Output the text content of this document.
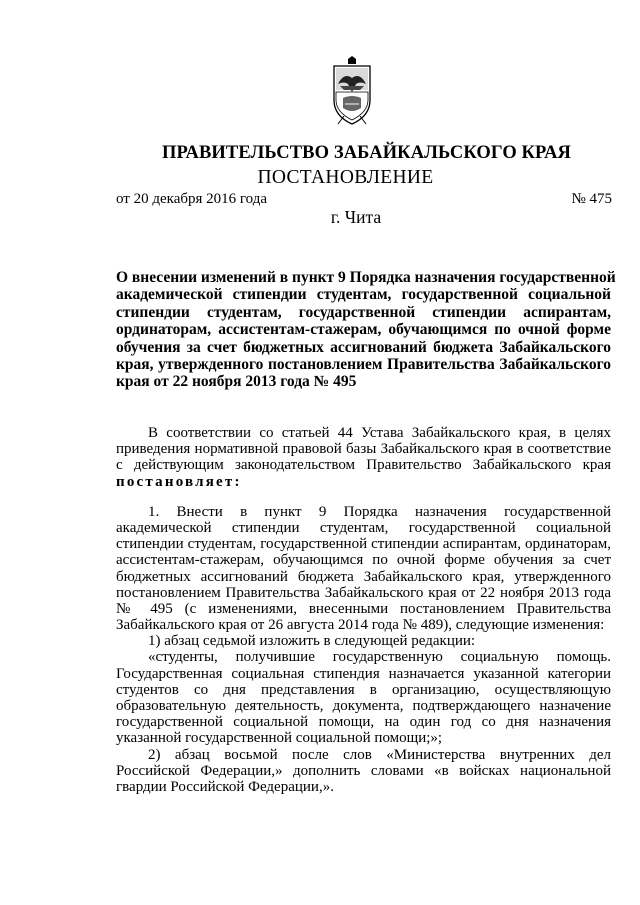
ПРАВИТЕЛЬСТВО ЗАБАЙКАЛЬСКОГО КРАЯ
ПОСТАНОВЛЕНИЕ
от 20 декабря 2016 года	№ 475
г. Чита
О внесении изменений в пункт 9 Порядка назначения государственной
академической стипендии студентам, государственной социальной
стипендии студентам, государственной стипендии аспирантам,
ординаторам, ассистентам-стажерам, обучающимся по очной форме
обучения за счет бюджетных ассигнований бюджета Забайкальского
края, утвержденного постановлением Правительства Забайкальского
края от 22 ноября 2013 года № 495
В соответствии со статьей 44 Устава Забайкальского края, в целях
приведения нормативной правовой базы Забайкальского края в соответствие
с действующим законодательством Правительство Забайкальского края
постановляет:
1. Внести в пункт 9 Порядка назначения государственной
академической стипендии студентам, государственной социальной
стипендии студентам, государственной стипендии аспирантам, ординаторам,
ассистентам-стажерам, обучающимся по очной форме обучения за счет
бюджетных ассигнований бюджета Забайкальского края, утвержденного
постановлением Правительства Забайкальского края от 22 ноября 2013 года
№ 495 (с изменениями, внесенными постановлением Правительства
Забайкальского края от 26 августа 2014 года № 489), следующие изменения:
1) абзац седьмой изложить в следующей редакции:
«студенты, получившие государственную социальную помощь.
Государственная социальная стипендия назначается указанной категории
студентов со дня представления в организацию, осуществляющую
образовательную деятельность, документа, подтверждающего назначение
государственной социальной помощи, на один год со дня назначения
указанной государственной социальной помощи;»;
2) абзац восьмой после слов «Министерства внутренних дел
Российской Федерации,» дополнить словами «в войсках национальной
гвардии Российской Федерации,».
